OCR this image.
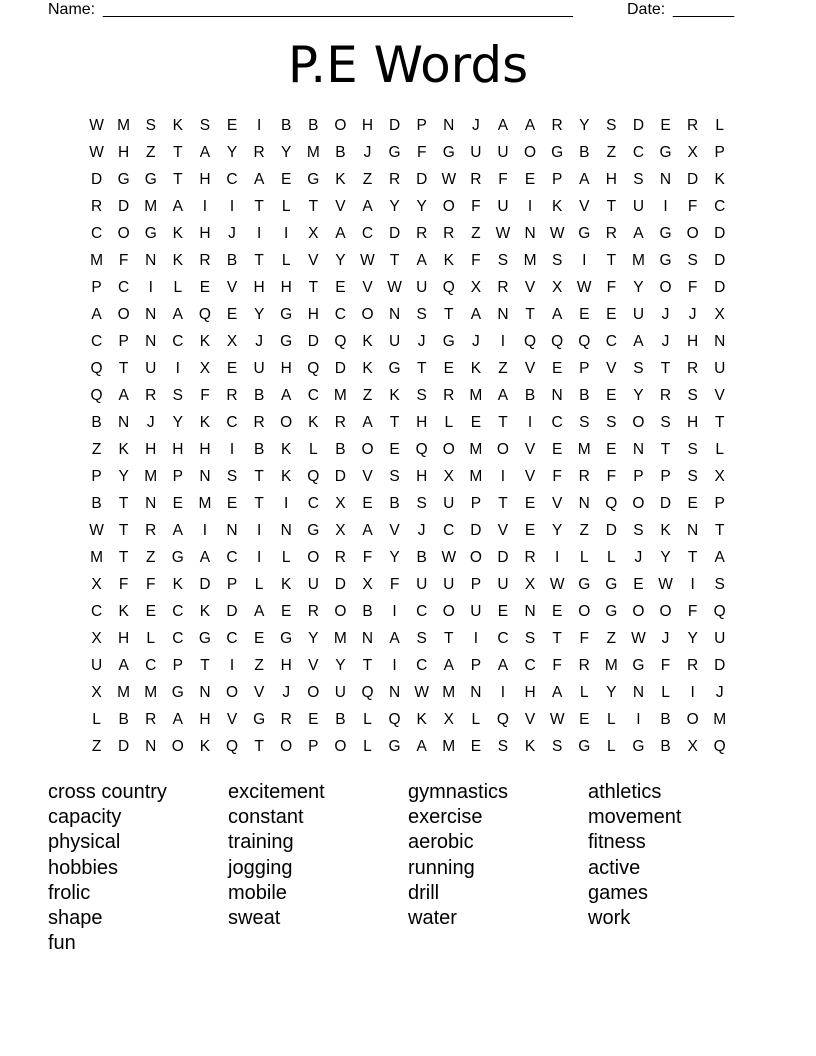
Name: ______________________________________________________	Date: _______
P.E Words
W M S	K	S	E	I	B	B	O H	D	P	N	J	A	A	R	Y	S	D	E	R	L
W H	Z	T	A	Y	R	Y M B	J	G	F	G U	U O G	B	Z	C G	X	P
D G G	T	H	C	A	E	G	K	Z	R	D W R	F	E	P	A	H	S	N	D	K
R	D M A	I	I	T	L	T	V	A	Y	Y	O	F	U	I	K	V	T	U	I	F	C
C O G	K	H	J	I	I	X	A	C	D	R	R	Z W N W G R	A	G O D
M	F	N	K	R	B	T	L	V	Y W T	A	K	F	S M S	I	T	M G	S	D
P	C	I	L	E	V	H	H	T	E	V W U Q	X	R	V	X W F	Y	O	F	D
A	O N	A	Q	E	Y	G H	C O N	S	T	A	N	T	A	E	E	U	J	J	X
C	P	N	C	K	X	J	G D Q	K	U	J	G	J	I	Q Q Q C	A	J	H	N
Q	T	U	I	X	E	U	H Q D	K	G	T	E	K	Z	V	E	P	V	S	T	R	U
Q	A	R	S	F	R	B	A	C M	Z	K	S	R M A	B	N	B	E	Y	R	S	V
B	N	J	Y	K	C	R O	K	R	A	T	H	L	E	T	I	C	S	S	O	S	H	T
Z	K	H	H	H	I	B	K	L	B	O	E	Q O M O	V	E M E	N	T	S	L
P	Y M P	N	S	T	K	Q D	V	S	H	X M	I	V	F	R	F	P	P	S	X
B	T	N	E M E	T	I	C	X	E	B	S	U	P	T	E	V	N Q O D	E	P
W T	R	A	I	N	I	N G	X	A	V	J	C	D	V	E	Y	Z	D	S	K	N	T
M	T	Z	G	A	C	I	L	O R	F	Y	B W O D	R	I	L	L	J	Y	T	A
X	F	F	K	D	P	L	K	U	D	X	F	U	U	P	U	X W G G	E W	I	S
C	K	E	C	K	D	A	E	R O	B	I	C O U	E	N	E	O G O O	F	Q
X	H	L	C G C	E	G	Y M N	A	S	T	I	C	S	T	F	Z W	J	Y	U
U	A	C	P	T	I	Z	H	V	Y	T	I	C	A	P	A	C	F	R M G	F	R	D
X M M G N O	V	J	O U Q N W M N	I	H	A	L	Y	N	L	I	J
L	B	R	A	H	V	G R	E	B	L	Q	K	X	L	Q	V W E	L	I	B	O M
Z	D	N O	K	Q	T	O	P	O	L	G	A M E	S	K	S	G	L	G	B	X	Q
cross country	excitement	gymnastics	athletics
capacity	constant	exercise	movement
physical	training	aerobic	fitness
hobbies	jogging	running	active
frolic	mobile	drill	games
shape	sweat	water	work
fun
